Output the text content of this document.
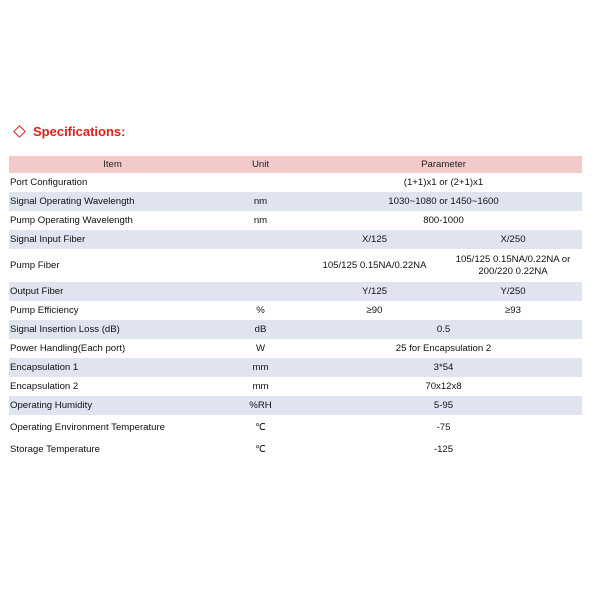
Specifications:
Item	Unit	Parameter	
Port Configuration		(1+1)x1 or (2+1)x1	
Signal Operating Wavelength	nm	1030~1080 or 1450~1600	
Pump Operating Wavelength	nm	800-1000	
Signal Input Fiber		X/125	X/250
Pump Fiber		105/125 0.15NA/0.22NA	105/125 0.15NA/0.22NA or 200/220 0.22NA
Output Fiber		Y/125	Y/250
Pump Efficiency	%	≥90	≥93
Signal Insertion Loss (dB)	dB	0.5	
Power Handling(Each port)	W	25 for Encapsulation 2	
Encapsulation 1	mm	3*54	
Encapsulation 2	mm	70x12x8	
Operating Humidity	%RH	5-95	
Operating Environment Temperature	℃	-75	
Storage Temperature	℃	-125	
